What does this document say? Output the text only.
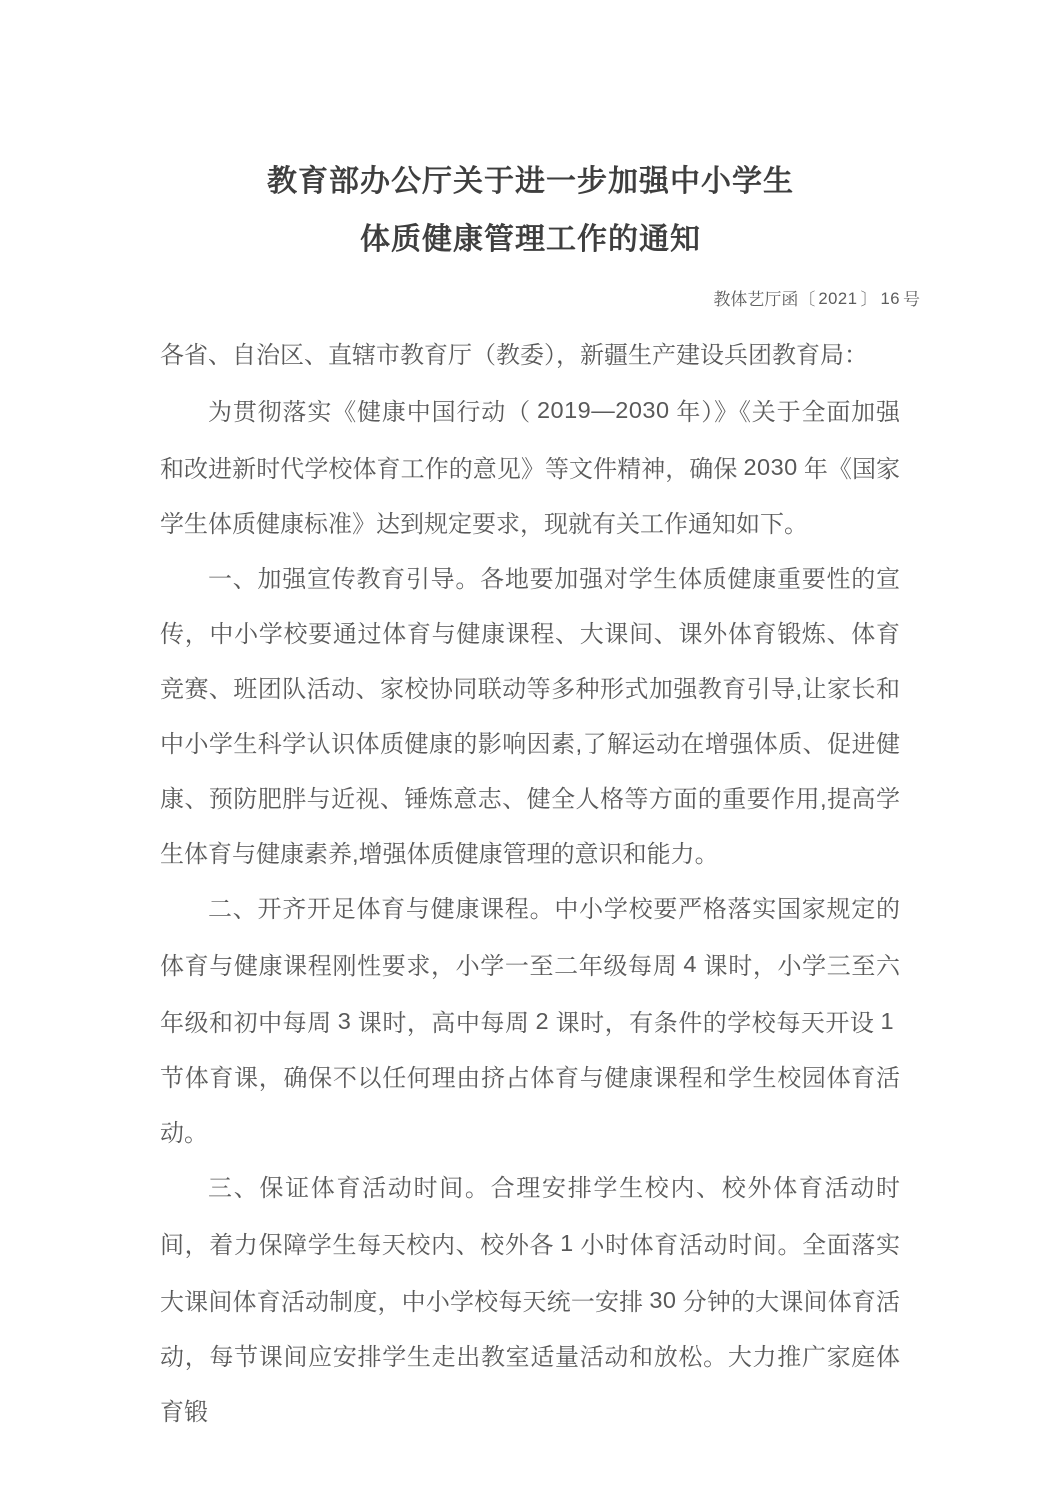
教育部办公厅关于进一步加强中小学生
体质健康管理工作的通知
教体艺厅函〔 2021 〕 16 号

各省、自治区、直辖市教育厅（教委），新疆生产建设兵团教育局：

为贯彻落实《健康中国行动（ 2019—2030 年）》《关于全面加强和改进新时代学校体育工作的意见》等文件精神，确保 2030 年《国家学生体质健康标准》达到规定要求，现就有关工作通知如下。

一、加强宣传教育引导。各地要加强对学生体质健康重要性的宣传，中小学校要通过体育与健康课程、大课间、课外体育锻炼、体育竞赛、班团队活动、家校协同联动等多种形式加强教育引导,让家长和中小学生科学认识体质健康的影响因素,了解运动在增强体质、促进健康、预防肥胖与近视、锤炼意志、健全人格等方面的重要作用,提高学生体育与健康素养,增强体质健康管理的意识和能力。

二、开齐开足体育与健康课程。中小学校要严格落实国家规定的体育与健康课程刚性要求，小学一至二年级每周 4 课时，小学三至六年级和初中每周 3 课时，高中每周 2 课时，有条件的学校每天开设 1节体育课，确保不以任何理由挤占体育与健康课程和学生校园体育活动。

三、保证体育活动时间。合理安排学生校内、校外体育活动时间，着力保障学生每天校内、校外各 1 小时体育活动时间。全面落实大课间体育活动制度，中小学校每天统一安排 30 分钟的大课间体育活动，每节课间应安排学生走出教室适量活动和放松。大力推广家庭体育锻
